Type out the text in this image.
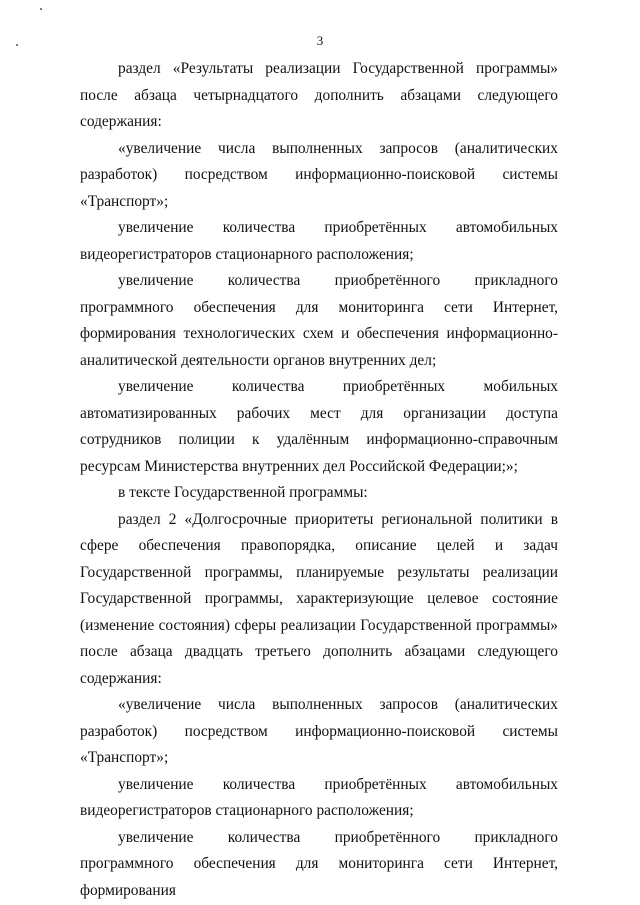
3

раздел «Результаты реализации Государственной программы» после абзаца четырнадцатого дополнить абзацами следующего содержания:

«увеличение числа выполненных запросов (аналитических разработок) посредством информационно-поисковой системы «Транспорт»;

увеличение количества приобретённых автомобильных видеорегистраторов стационарного расположения;

увеличение количества приобретённого прикладного программного обеспечения для мониторинга сети Интернет, формирования технологических схем и обеспечения информационно-аналитической деятельности органов внутренних дел;

увеличение количества приобретённых мобильных автоматизированных рабочих мест для организации доступа сотрудников полиции к удалённым информационно-справочным ресурсам Министерства внутренних дел Российской Федерации;»;

в тексте Государственной программы:

раздел 2 «Долгосрочные приоритеты региональной политики в сфере обеспечения правопорядка, описание целей и задач Государственной программы, планируемые результаты реализации Государственной программы, характеризующие целевое состояние (изменение состояния) сферы реализации Государственной программы» после абзаца двадцать третьего дополнить абзацами следующего содержания:

«увеличение числа выполненных запросов (аналитических разработок) посредством информационно-поисковой системы «Транспорт»;

увеличение количества приобретённых автомобильных видеорегистраторов стационарного расположения;

увеличение количества приобретённого прикладного программного обеспечения для мониторинга сети Интернет, формирования
